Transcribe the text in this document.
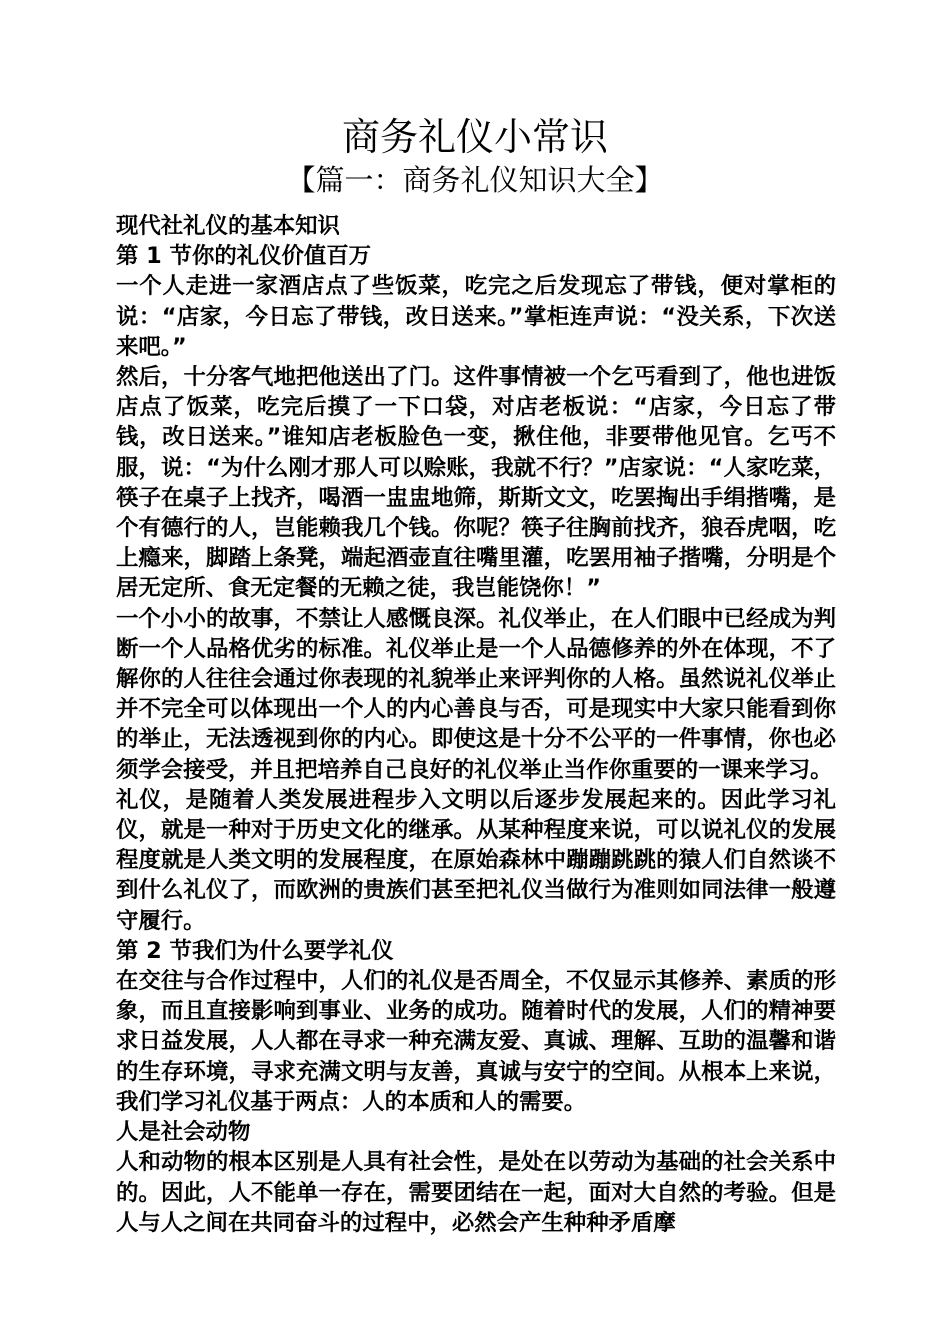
商务礼仪小常识
【篇一：商务礼仪知识大全】

现代社礼仪的基本知识

第 1 节你的礼仪价值百万

一个人走进一家酒店点了些饭菜，吃完之后发现忘了带钱，便对掌柜的说：“店家，今日忘了带钱，改日送来。”掌柜连声说：“没关系，下次送来吧。”

然后，十分客气地把他送出了门。这件事情被一个乞丐看到了，他也进饭店点了饭菜，吃完后摸了一下口袋，对店老板说：“店家，今日忘了带钱，改日送来。”谁知店老板脸色一变，揪住他，非要带他见官。乞丐不服，说：“为什么刚才那人可以赊账，我就不行？”店家说：“人家吃菜，筷子在桌子上找齐，喝酒一盅盅地筛，斯斯文文，吃罢掏出手绢揩嘴，是个有德行的人，岂能赖我几个钱。你呢？筷子往胸前找齐，狼吞虎咽，吃上瘾来，脚踏上条凳，端起酒壶直往嘴里灌，吃罢用袖子揩嘴，分明是个居无定所、食无定餐的无赖之徒，我岂能饶你！”

一个小小的故事，不禁让人感慨良深。礼仪举止，在人们眼中已经成为判断一个人品格优劣的标准。礼仪举止是一个人品德修养的外在体现，不了解你的人往往会通过你表现的礼貌举止来评判你的人格。虽然说礼仪举止并不完全可以体现出一个人的内心善良与否，可是现实中大家只能看到你的举止，无法透视到你的内心。即使这是十分不公平的一件事情，你也必须学会接受，并且把培养自己良好的礼仪举止当作你重要的一课来学习。

礼仪，是随着人类发展进程步入文明以后逐步发展起来的。因此学习礼仪，就是一种对于历史文化的继承。从某种程度来说，可以说礼仪的发展程度就是人类文明的发展程度，在原始森林中蹦蹦跳跳的猿人们自然谈不到什么礼仪了，而欧洲的贵族们甚至把礼仪当做行为准则如同法律一般遵守履行。

第 2 节我们为什么要学礼仪

在交往与合作过程中，人们的礼仪是否周全，不仅显示其修养、素质的形象，而且直接影响到事业、业务的成功。随着时代的发展，人们的精神要求日益发展，人人都在寻求一种充满友爱、真诚、理解、互助的温馨和谐的生存环境，寻求充满文明与友善，真诚与安宁的空间。从根本上来说，我们学习礼仪基于两点：人的本质和人的需要。

人是社会动物

人和动物的根本区别是人具有社会性，是处在以劳动为基础的社会关系中的。因此，人不能单一存在，需要团结在一起，面对大自然的考验。但是人与人之间在共同奋斗的过程中，必然会产生种种矛盾摩
